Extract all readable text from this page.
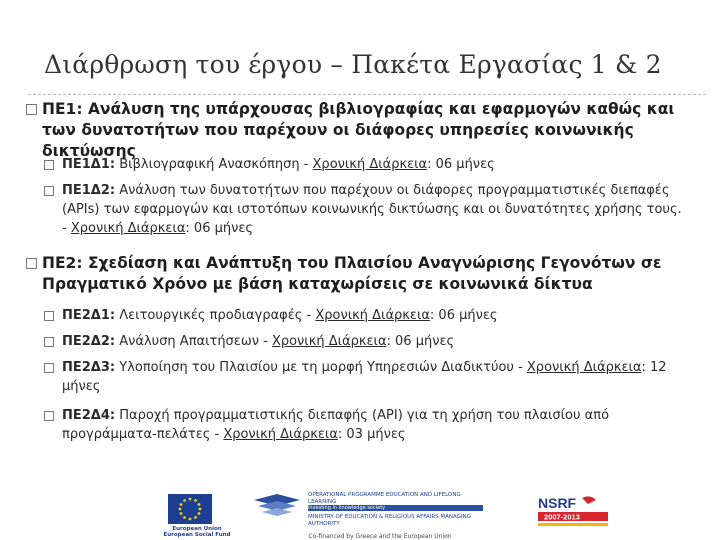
Διάρθρωση του έργου – Πακέτα Εργασίας 1 & 2
ΠΕ1: Ανάλυση της υπάρχουσας βιβλιογραφίας και εφαρμογών καθώς και των δυνατοτήτων που παρέχουν οι διάφορες υπηρεσίες κοινωνικής δικτύωσης
ΠΕ1Δ1: Βιβλιογραφική Ανασκόπηση - Χρονική Διάρκεια: 06 μήνες
ΠΕ1Δ2: Ανάλυση των δυνατοτήτων που παρέχουν οι διάφορες προγραμματιστικές διεπαφές (APIs) των εφαρμογών και ιστοτόπων κοινωνικής δικτύωσης και οι δυνατότητες χρήσης τους. - Χρονική Διάρκεια: 06 μήνες
ΠΕ2: Σχεδίαση και Ανάπτυξη του Πλαισίου Αναγνώρισης Γεγονότων σε Πραγματικό Χρόνο με βάση καταχωρίσεις σε κοινωνικά δίκτυα
ΠΕ2Δ1: Λειτουργικές προδιαγραφές - Χρονική Διάρκεια: 06 μήνες
ΠΕ2Δ2: Ανάλυση Απαιτήσεων - Χρονική Διάρκεια: 06 μήνες
ΠΕ2Δ3: Υλοποίηση του Πλαισίου με τη μορφή Υπηρεσιών Διαδικτύου - Χρονική Διάρκεια: 12 μήνες
ΠΕ2Δ4: Παροχή προγραμματιστικής διεπαφής (API) για τη χρήση του πλαισίου από προγράμματα-πελάτες - Χρονική Διάρκεια: 03 μήνες
European Union European Social Fund
OPERATIONAL PROGRAMME EDUCATION AND LIFELONG LEARNING
investing in knowledge society
MINISTRY OF EDUCATION & RELIGIOUS AFFAIRS MANAGING AUTHORITY
NSRF
2007-2013
Co-financed by Greece and the European Union
